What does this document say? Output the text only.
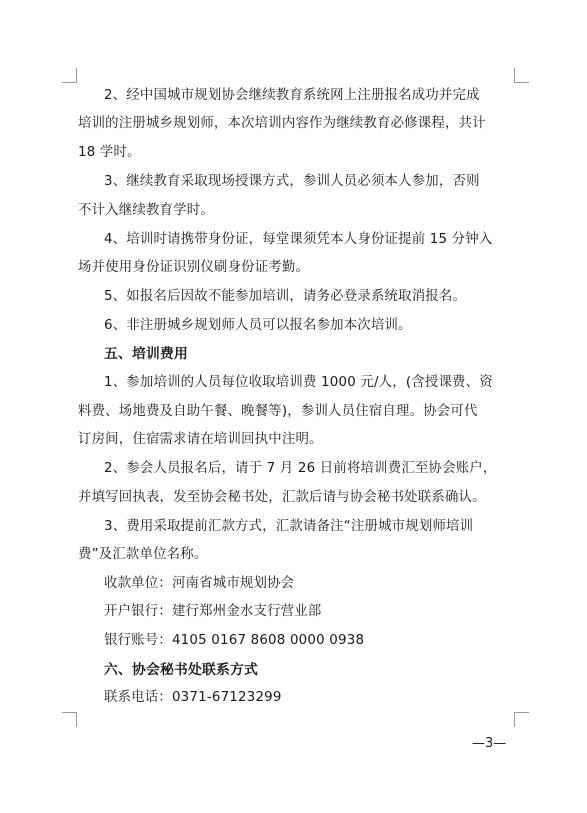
2、经中国城市规划协会继续教育系统网上注册报名成功并完成
培训的注册城乡规划师，本次培训内容作为继续教育必修课程，共计
18 学时。
3、继续教育采取现场授课方式，参训人员必须本人参加，否则
不计入继续教育学时。
4、培训时请携带身份证，每堂课须凭本人身份证提前 15 分钟入
场并使用身份证识别仪刷身份证考勤。
5、如报名后因故不能参加培训，请务必登录系统取消报名。
6、非注册城乡规划师人员可以报名参加本次培训。
五、培训费用
1、参加培训的人员每位收取培训费 1000 元/人，(含授课费、资
料费、场地费及自助午餐、晚餐等)，参训人员住宿自理。协会可代
订房间，住宿需求请在培训回执中注明。
2、参会人员报名后，请于 7 月 26 日前将培训费汇至协会账户，
并填写回执表，发至协会秘书处，汇款后请与协会秘书处联系确认。
3、费用采取提前汇款方式，汇款请备注“注册城市规划师培训
费”及汇款单位名称。
收款单位：河南省城市规划协会
开户银行：建行郑州金水支行营业部
银行账号：4105 0167 8608 0000 0938
六、协会秘书处联系方式
联系电话：0371-67123299
—3—
